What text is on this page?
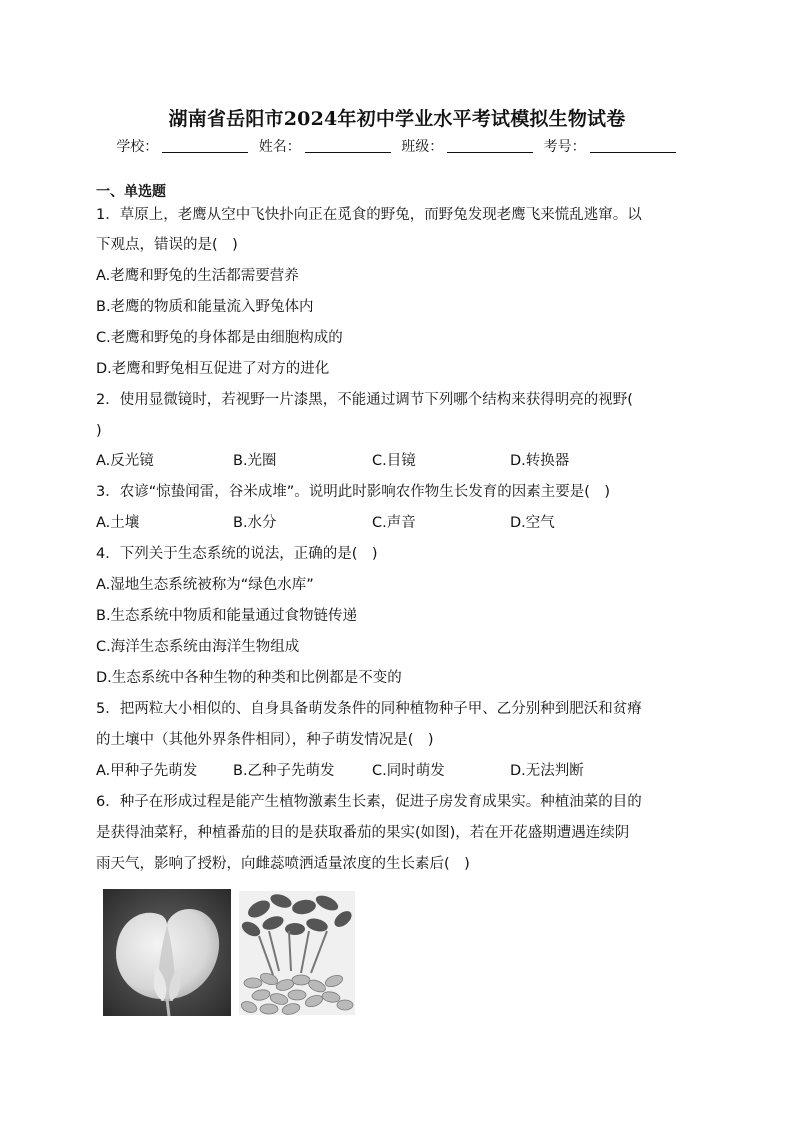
湖南省岳阳市2024年初中学业水平考试模拟生物试卷
学校：	姓名：	班级：	考号：
一、单选题
1．草原上，老鹰从空中飞快扑向正在觅食的野兔，而野兔发现老鹰飞来慌乱逃窜。以
下观点，错误的是(　)
A.老鹰和野兔的生活都需要营养
B.老鹰的物质和能量流入野兔体内
C.老鹰和野兔的身体都是由细胞构成的
D.老鹰和野兔相互促进了对方的进化
2．使用显微镜时，若视野一片漆黑，不能通过调节下列哪个结构来获得明亮的视野(
)
A.反光镜	B.光圈	C.目镜	D.转换器
3．农谚“惊蛰闻雷，谷米成堆”。说明此时影响农作物生长发育的因素主要是(　)
A.土壤	B.水分	C.声音	D.空气
4．下列关于生态系统的说法，正确的是(　)
A.湿地生态系统被称为“绿色水库”
B.生态系统中物质和能量通过食物链传递
C.海洋生态系统由海洋生物组成
D.生态系统中各种生物的种类和比例都是不变的
5．把两粒大小相似的、自身具备萌发条件的同种植物种子甲、乙分别种到肥沃和贫瘠
的土壤中（其他外界条件相同），种子萌发情况是(　)
A.甲种子先萌发 B.乙种子先萌发	C.同时萌发	D.无法判断
6．种子在形成过程是能产生植物激素生长素，促进子房发育成果实。种植油菜的目的
是获得油菜籽，种植番茄的目的是获取番茄的果实(如图)，若在开花盛期遭遇连续阴
雨天气，影响了授粉，向雌蕊喷洒适量浓度的生长素后(　)
